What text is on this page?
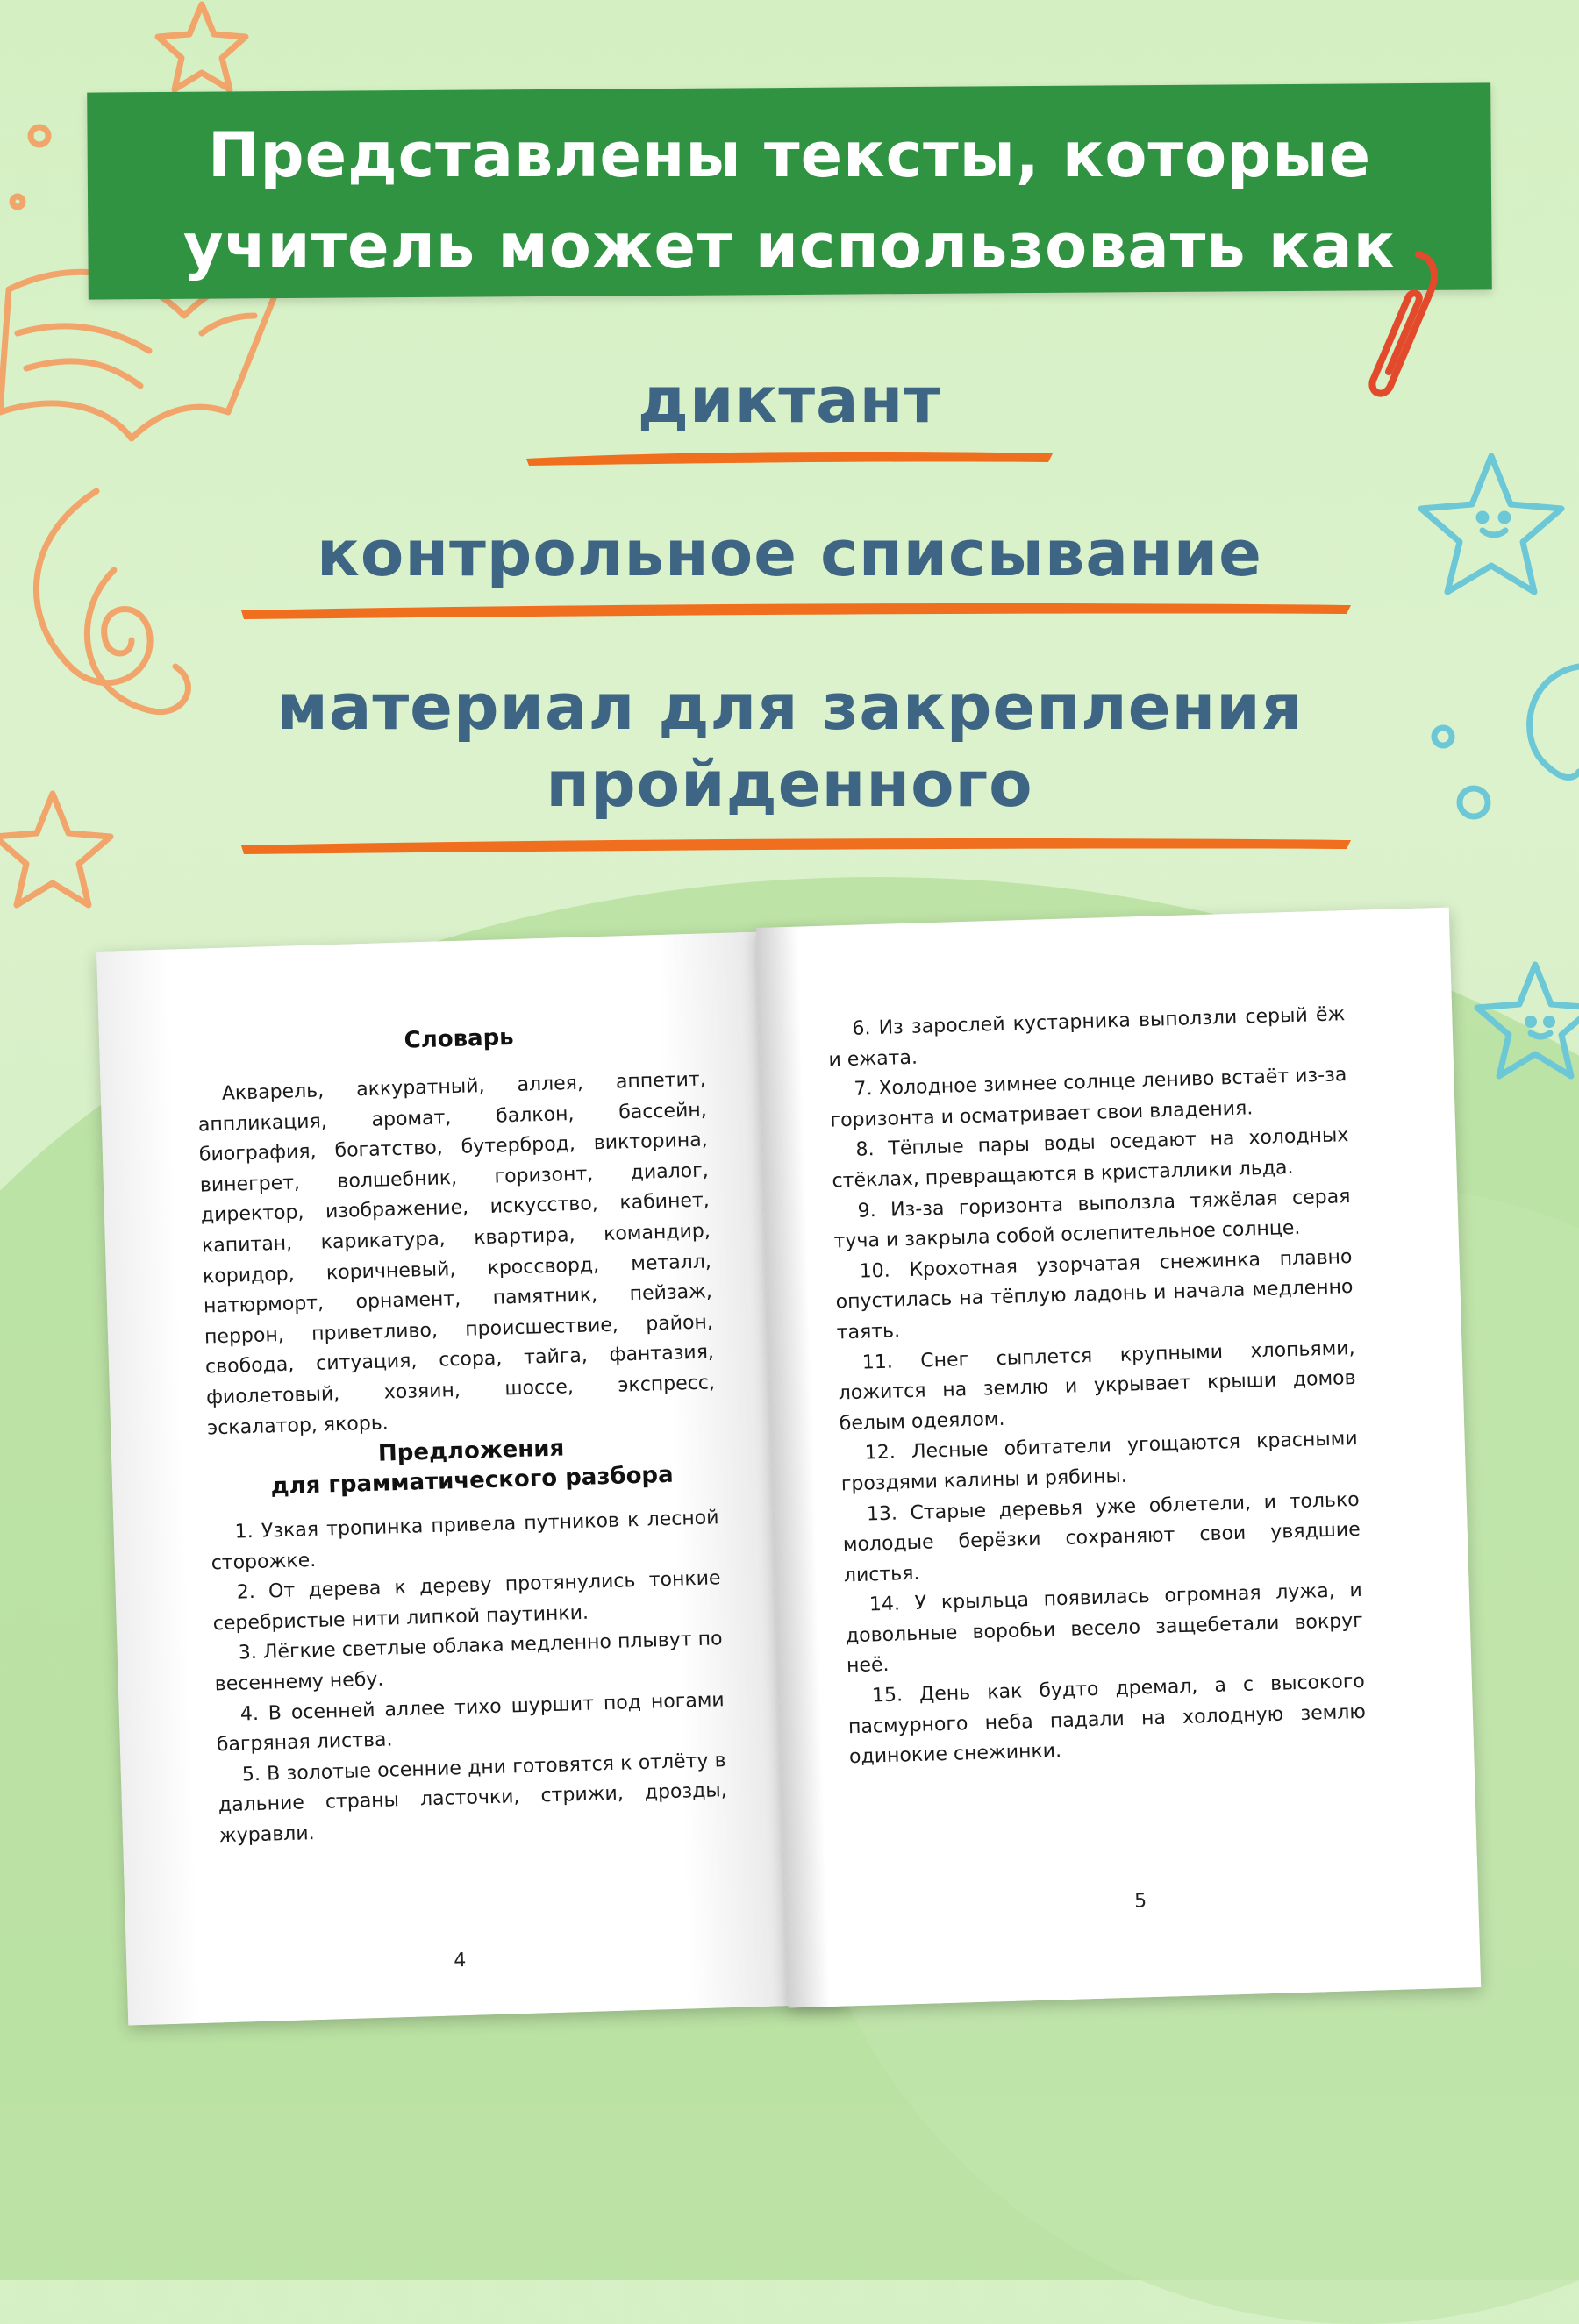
Представлены тексты, которые
учитель может использовать как
диктант
контрольное списывание
материал для закрепления
пройденного
Словарь

Акварель, аккуратный, аллея, аппетит, аппликация, аромат, балкон, бассейн, биография, богатство, бутерброд, викторина, винегрет, волшебник, горизонт, диалог, директор, изображение, искусство, кабинет, капитан, карикатура, квартира, командир, коридор, коричневый, кроссворд, металл, натюрморт, орнамент, памятник, пейзаж, перрон, приветливо, происшествие, район, свобода, ситуация, ссора, тайга, фантазия, фиолетовый, хозяин, шоссе, экспресс, эскалатор, якорь.

Предложения
для грамматического разбора

1. Узкая тропинка привела путников к лесной сторожке.

2. От дерева к дереву протянулись тонкие серебристые нити липкой паутинки.

3. Лёгкие светлые облака медленно плывут по весеннему небу.

4. В осенней аллее тихо шуршит под ногами багряная листва.

5. В золотые осенние дни готовятся к отлёту в дальние страны ласточки, стрижи, дрозды, журавли.

4

6. Из зарослей кустарника выползли серый ёж и ежата.

7. Холодное зимнее солнце лениво встаёт из-за горизонта и осматривает свои владения.

8. Тёплые пары воды оседают на холодных стёклах, превращаются в кристаллики льда.

9. Из-за горизонта выползла тяжёлая серая туча и закрыла собой ослепительное солнце.

10. Крохотная узорчатая снежинка плавно опустилась на тёплую ладонь и начала медленно таять.

11. Снег сыплется крупными хлопьями, ложится на землю и укрывает крыши домов белым одеялом.

12. Лесные обитатели угощаются красными гроздями калины и рябины.

13. Старые деревья уже облетели, и только молодые берёзки сохраняют свои увядшие листья.

14. У крыльца появилась огромная лужа, и довольные воробьи весело защебетали вокруг неё.

15. День как будто дремал, а с высокого пасмурного неба падали на холодную землю одинокие снежинки.

5
